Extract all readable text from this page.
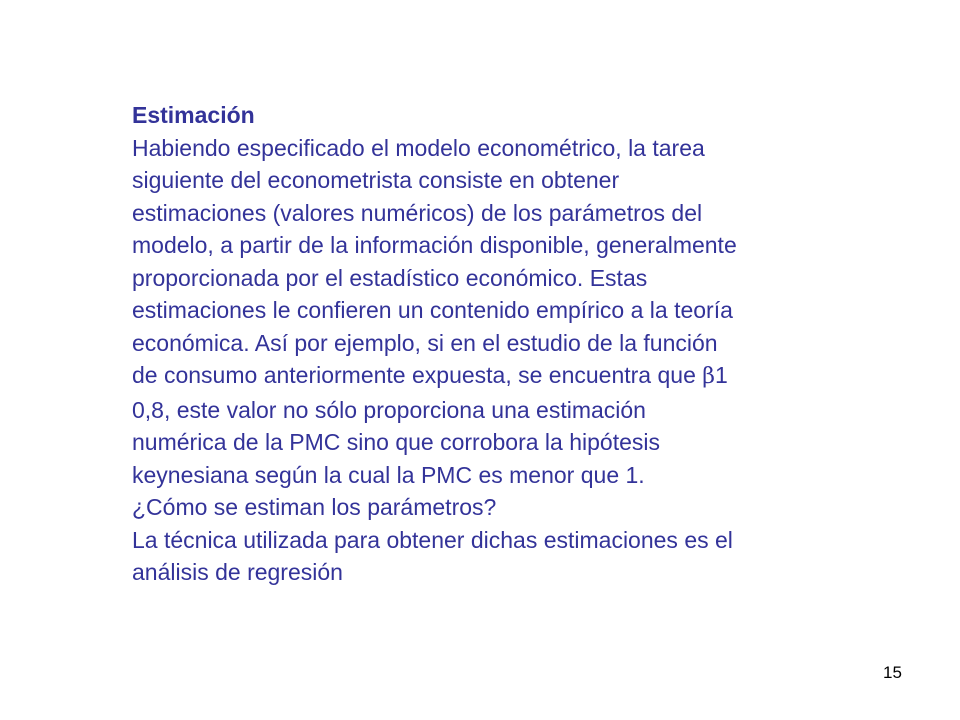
Estimación
Habiendo especificado el modelo econométrico, la tarea
siguiente del econometrista consiste en obtener
estimaciones (valores numéricos) de los parámetros del
modelo, a partir de la información disponible, generalmente
proporcionada por el estadístico económico. Estas
estimaciones le confieren un contenido empírico a la teoría
económica. Así por ejemplo, si en el estudio de la función
de consumo anteriormente expuesta, se encuentra que β1
0,8, este valor no sólo proporciona una estimación
numérica de la PMC sino que corrobora la hipótesis
keynesiana según la cual la PMC es menor que 1.
¿Cómo se estiman los parámetros?
La técnica utilizada para obtener dichas estimaciones es el
análisis de regresión
15
